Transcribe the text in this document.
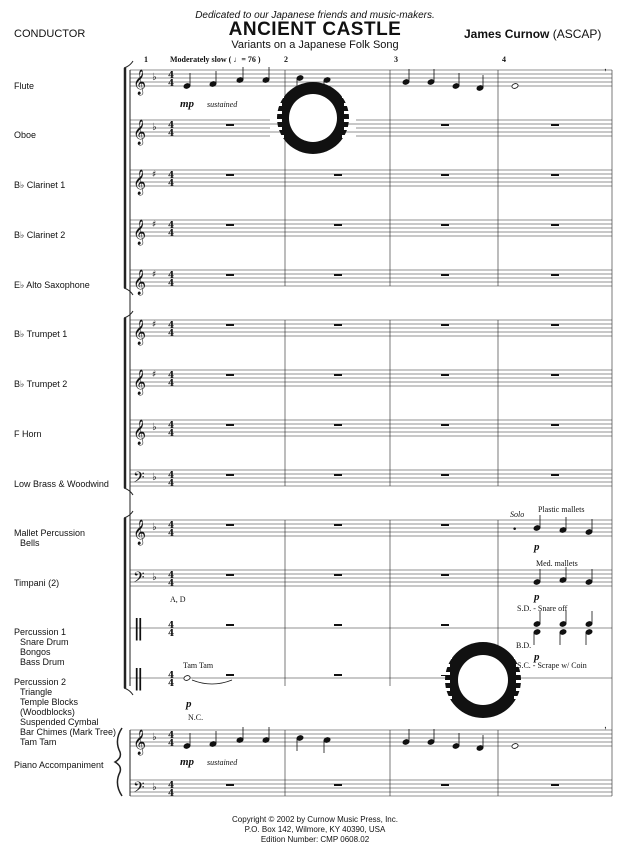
CONDUCTOR
Dedicated to our Japanese friends and music-makers.
ANCIENT CASTLE
Variants on a Japanese Folk Song
James Curnow (ASCAP)
Moderately slow ( ♩= 76 )
1	2	3	4
Flute
Oboe
B♭ Clarinet 1
B♭ Clarinet 2
E♭ Alto Saxophone
B♭ Trumpet 1
B♭ Trumpet 2
F Horn
Low Brass & Woodwind
Mallet Percussion
Bells
Timpani (2)
Percussion 1
Snare Drum
Bongos
Bass Drum
Percussion 2
Triangle
Temple Blocks
(Woodblocks)
Suspended Cymbal
Bar Chimes (Mark Tree)
Tam Tam
Piano Accompaniment
𝄞 ♭ 4
4
𝄞 ♭ 4
4
𝄞 ♯ 4
4
𝄞 ♯ 4
4
𝄞 ♯ 4
4
𝄞 ♯ 4
4
𝄞 ♯ 4
4
𝄞 ♭ 4
4
𝄢 ♭ 4
4
𝄞 ♭ 4
4
𝄢 ♭ 4
4
‖	4
4
‖	4
4
𝄞 ♭ 4
4
𝄢 ♭ 4
4
,
,
•
mp sustained
Solo
Plastic mallets
p
Med. mallets
p
A, D
S.D. - Snare off
B.D.
p
S.C. - Scrape w/ Coin
Tam Tam
p
N.C.
mp sustained
Copyright © 2002 by Curnow Music Press, Inc.
P.O. Box 142, Wilmore, KY 40390, USA
Edition Number: CMP 0608.02
